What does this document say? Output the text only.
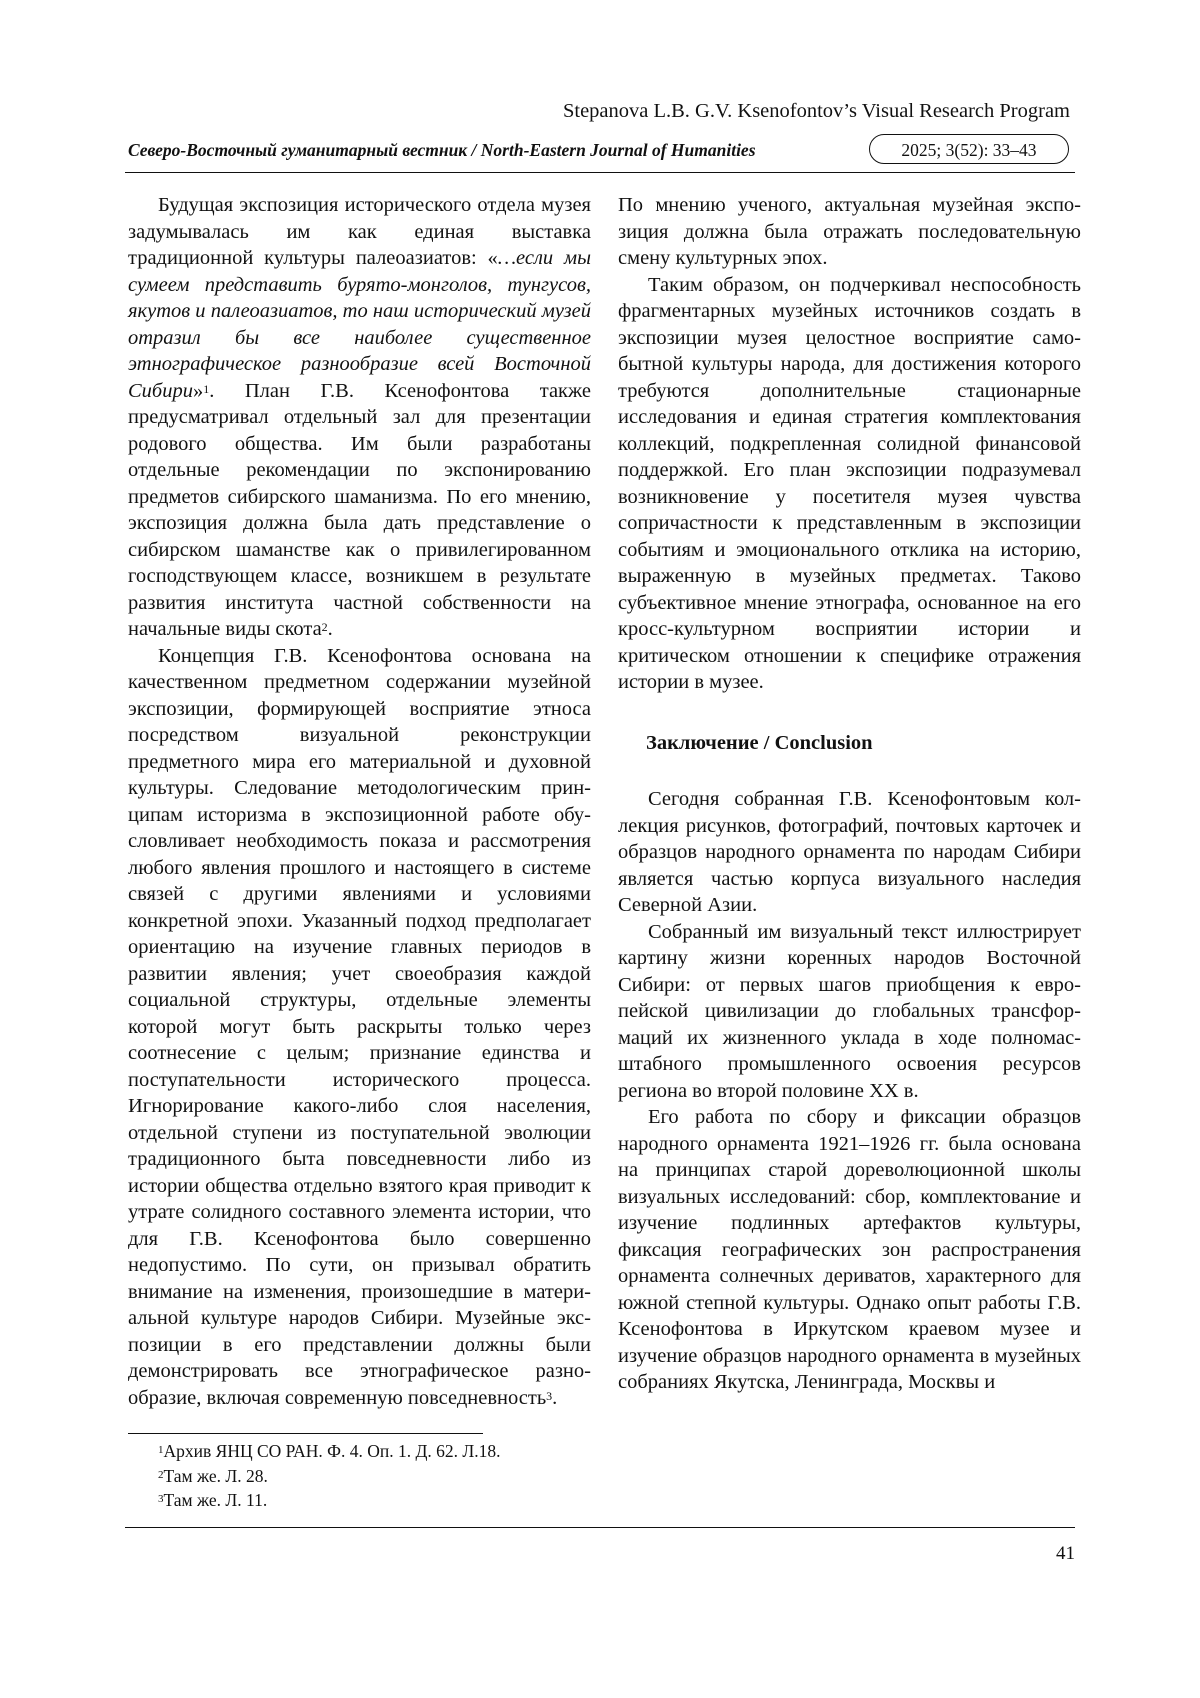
Stepanova L.B. G.V. Ksenofontov’s Visual Research Program
Северо-Восточный гуманитарный вестник / North-Eastern Journal of Humanities	2025; 3(52): 33–43

Будущая экспозиция исторического отдела музея задумывалась им как единая выставка традиционной культуры палеоазиатов: «…если мы сумеем представить бурято-монголов, тунгусов, якутов и палеоазиатов, то наш исторический музей отразил бы все наиболее существенное этнографическое разнообразие всей Восточной Сибири»$^1$. План Г.В. Ксенофонтова также предусматривал отдельный зал для презентации родового общества. Им были разработаны отдельные рекомендации по экспонированию предметов сибирского шаманизма. По его мнению, экспозиция должна была дать представление о сибирском шаманстве как о привилегированном господствующем классе, возникшем в результате развития института частной собственности на начальные виды скота$^2$.

Концепция Г.В. Ксенофонтова основана на качественном предметном содержании музейной экспозиции, формирующей восприятие этноса посредством визуальной реконструкции предметного мира его материальной и духовной культуры. Следование методологическим принципам историзма в экспозиционной работе обусловливает необходимость показа и рассмотрения любого явления прошлого и настоящего в системе связей с другими явлениями и условиями конкретной эпохи. Указанный подход предполагает ориентацию на изучение главных периодов в развитии явления; учет своеобразия каждой социальной структуры, отдельные элементы которой могут быть раскрыты только через соотнесение с целым; признание единства и поступательности исторического процесса. Игнорирование какого-либо слоя населения, отдельной ступени из поступательной эволюции традиционного быта повседневности либо из истории общества отдельно взятого края приводит к утрате солидного составного элемента истории, что для Г.В. Ксенофонтова было совершенно недопустимо. По сути, он призывал обратить внимание на изменения, произошедшие в материальной культуре народов Сибири. Музейные экспозиции в его представлении должны были демонстрировать все этнографическое разнообразие, включая современную повседневность$^3$.

По мнению ученого, актуальная музейная экспозиция должна была отражать последовательную смену культурных эпох.

Таким образом, он подчеркивал неспособность фрагментарных музейных источников создать в экспозиции музея целостное восприятие самобытной культуры народа, для достижения которого требуются дополнительные стационарные исследования и единая стратегия комплектования коллекций, подкрепленная солидной финансовой поддержкой. Его план экспозиции подразумевал возникновение у посетителя музея чувства сопричастности к представленным в экспозиции событиям и эмоционального отклика на историю, выраженную в музейных предметах. Таково субъективное мнение этнографа, основанное на его кросс-культурном восприятии истории и критическом отношении к специфике отражения истории в музее.

Заключение / Conclusion

Сегодня собранная Г.В. Ксенофонтовым коллекция рисунков, фотографий, почтовых карточек и образцов народного орнамента по народам Сибири является частью корпуса визуального наследия Северной Азии.

Собранный им визуальный текст иллюстрирует картину жизни коренных народов Восточной Сибири: от первых шагов приобщения к европейской цивилизации до глобальных трансформаций их жизненного уклада в ходе полномасштабного промышленного освоения ресурсов региона во второй половине XX в.

Его работа по сбору и фиксации образцов народного орнамента 1921–1926 гг. была основана на принципах старой дореволюционной школы визуальных исследований: сбор, комплектование и изучение подлинных артефактов культуры, фиксация географических зон распространения орнамента солнечных дериватов, характерного для южной степной культуры. Однако опыт работы Г.В. Ксенофонтова в Иркутском краевом музее и изучение образцов народного орнамента в музейных собраниях Якутска, Ленинграда, Москвы и

$^1$Архив ЯНЦ СО РАН. Ф. 4. Оп. 1. Д. 62. Л.18.
$^2$Там же. Л. 28.
$^3$Там же. Л. 11.
41
